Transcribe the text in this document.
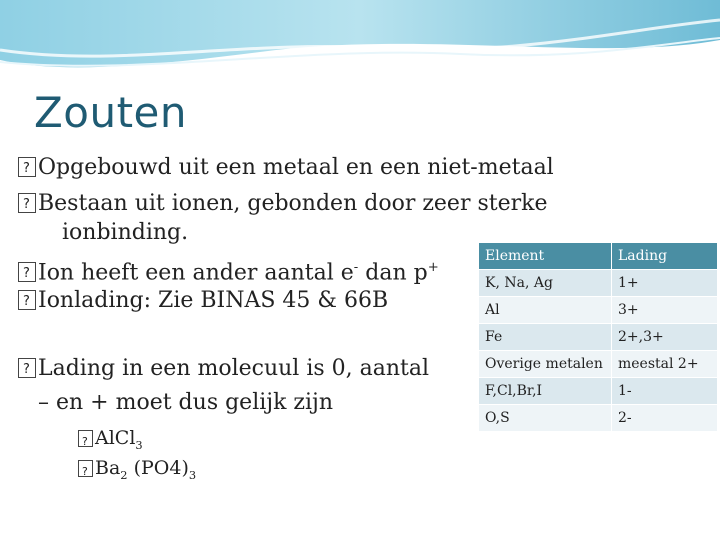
Zouten
?Opgebouwd uit een metaal en een niet-metaal
?Bestaan uit ionen, gebonden door zeer sterke
ionbinding.
?Ion heeft een ander aantal e- dan p+
?Ionlading: Zie BINAS 45 & 66B
?Lading in een molecuul is 0, aantal
– en + moet dus gelijk zijn
?AlCl$_3$
$?Ba_2$ $(PO4)_3$
Element	Lading
K, Na, Ag	1+
Al	3+
Fe	2+,3+
Overige metalen	meestal 2+
F,Cl,Br,I	1-
O,S	2-
